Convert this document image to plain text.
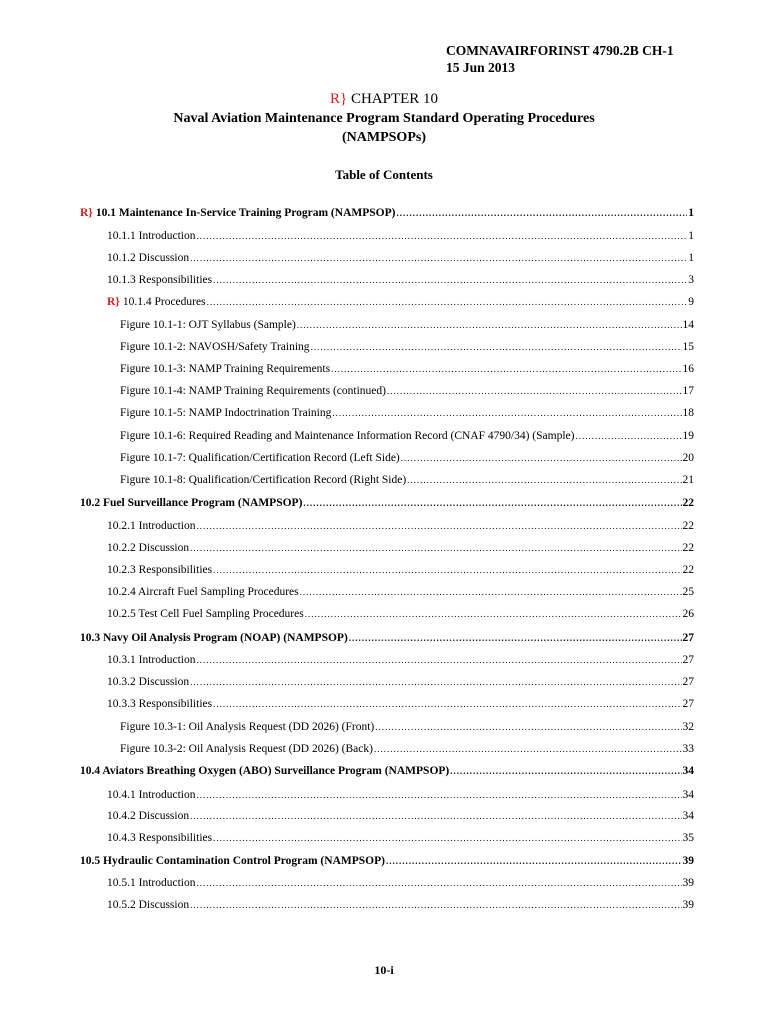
COMNAVAIRFORINST 4790.2B CH-1
15 Jun 2013
R} CHAPTER 10
Naval Aviation Maintenance Program Standard Operating Procedures
(NAMPSOPs)
Table of Contents
R} 10.1 Maintenance In-Service Training Program (NAMPSOP) .....	1
10.1.1 Introduction .....	1
10.1.2 Discussion .....	1
10.1.3 Responsibilities .....	3
R} 10.1.4 Procedures .....	9
Figure 10.1-1: OJT Syllabus (Sample) .....	14
Figure 10.1-2: NAVOSH/Safety Training .....	15
Figure 10.1-3: NAMP Training Requirements .....	16
Figure 10.1-4: NAMP Training Requirements (continued) .....	17
Figure 10.1-5: NAMP Indoctrination Training .....	18
Figure 10.1-6: Required Reading and Maintenance Information Record (CNAF 4790/34) (Sample) .....	19
Figure 10.1-7: Qualification/Certification Record (Left Side) .....	20
Figure 10.1-8: Qualification/Certification Record (Right Side) .....	21
10.2 Fuel Surveillance Program (NAMPSOP) .....	22
10.2.1 Introduction .....	22
10.2.2 Discussion .....	22
10.2.3 Responsibilities .....	22
10.2.4 Aircraft Fuel Sampling Procedures .....	25
10.2.5 Test Cell Fuel Sampling Procedures .....	26
10.3 Navy Oil Analysis Program (NOAP) (NAMPSOP) .....	27
10.3.1 Introduction .....	27
10.3.2 Discussion .....	27
10.3.3 Responsibilities .....	27
Figure 10.3-1: Oil Analysis Request (DD 2026) (Front) .....	32
Figure 10.3-2: Oil Analysis Request (DD 2026) (Back) .....	33
10.4 Aviators Breathing Oxygen (ABO) Surveillance Program (NAMPSOP) .....	34
10.4.1 Introduction .....	34
10.4.2 Discussion .....	34
10.4.3 Responsibilities .....	35
10.5 Hydraulic Contamination Control Program (NAMPSOP) .....	39
10.5.1 Introduction .....	39
10.5.2 Discussion .....	39
10-i
